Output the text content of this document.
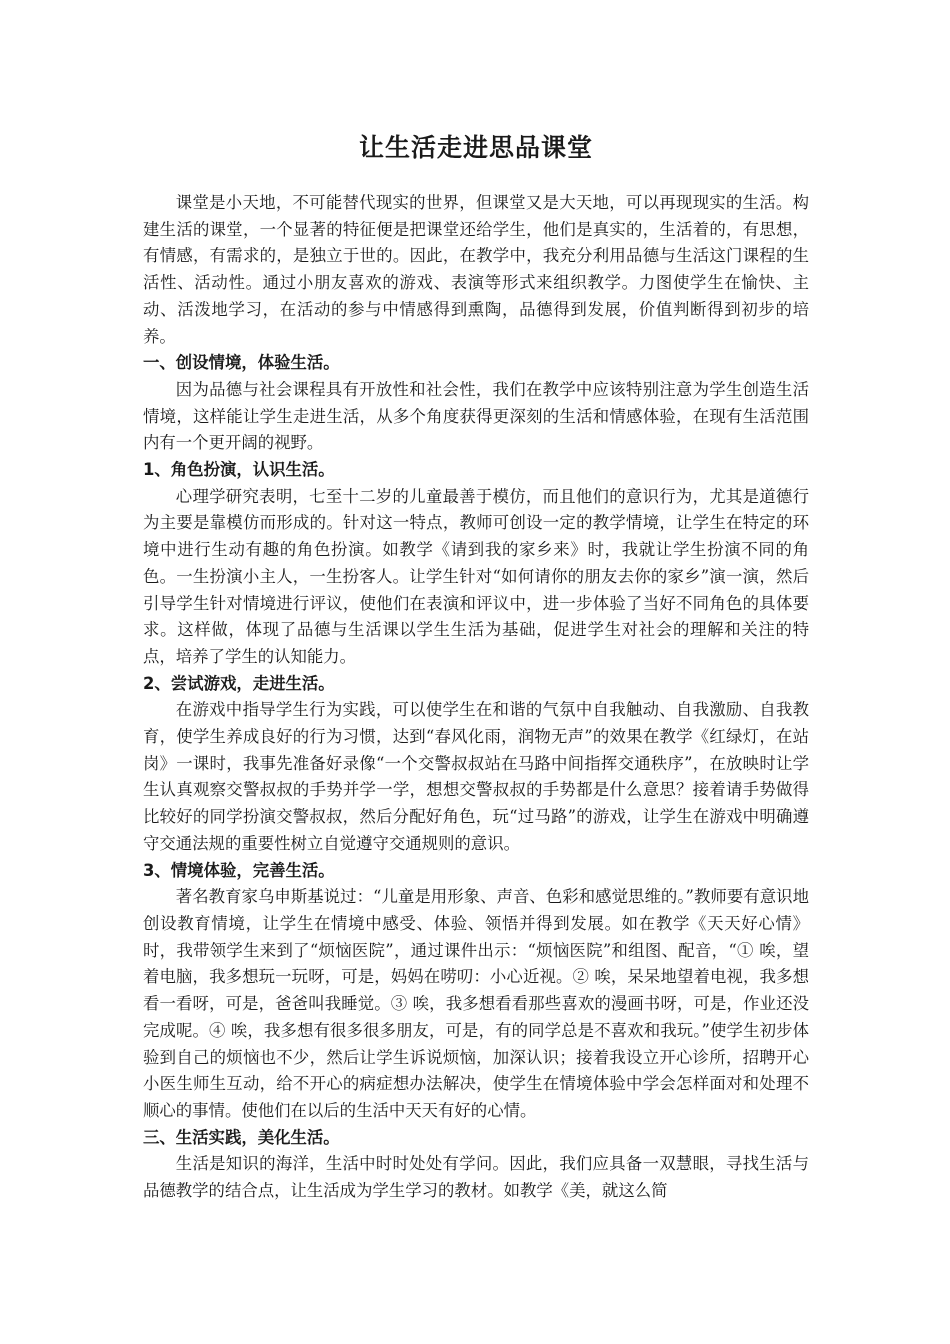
让生活走进思品课堂

课堂是小天地，不可能替代现实的世界，但课堂又是大天地，可以再现现实的生活。构建生活的课堂，一个显著的特征便是把课堂还给学生，他们是真实的，生活着的，有思想，有情感，有需求的，是独立于世的。因此，在教学中，我充分利用品德与生活这门课程的生活性、活动性。通过小朋友喜欢的游戏、表演等形式来组织教学。力图使学生在愉快、主动、活泼地学习，在活动的参与中情感得到熏陶，品德得到发展，价值判断得到初步的培养。

一、创设情境，体验生活。

因为品德与社会课程具有开放性和社会性，我们在教学中应该特别注意为学生创造生活情境，这样能让学生走进生活，从多个角度获得更深刻的生活和情感体验，在现有生活范围内有一个更开阔的视野。

1、角色扮演，认识生活。

心理学研究表明，七至十二岁的儿童最善于模仿，而且他们的意识行为，尤其是道德行为主要是靠模仿而形成的。针对这一特点，教师可创设一定的教学情境，让学生在特定的环境中进行生动有趣的角色扮演。如教学《请到我的家乡来》时，我就让学生扮演不同的角色。一生扮演小主人，一生扮客人。让学生针对“如何请你的朋友去你的家乡”演一演，然后引导学生针对情境进行评议，使他们在表演和评议中，进一步体验了当好不同角色的具体要求。这样做，体现了品德与生活课以学生生活为基础，促进学生对社会的理解和关注的特点，培养了学生的认知能力。

2、尝试游戏，走进生活。

在游戏中指导学生行为实践，可以使学生在和谐的气氛中自我触动、自我激励、自我教育，使学生养成良好的行为习惯，达到“春风化雨，润物无声”的效果在教学《红绿灯，在站岗》一课时，我事先准备好录像“一个交警叔叔站在马路中间指挥交通秩序”，在放映时让学生认真观察交警叔叔的手势并学一学，想想交警叔叔的手势都是什么意思？接着请手势做得比较好的同学扮演交警叔叔，然后分配好角色，玩“过马路”的游戏，让学生在游戏中明确遵守交通法规的重要性树立自觉遵守交通规则的意识。

3、情境体验，完善生活。

著名教育家乌申斯基说过：“儿童是用形象、声音、色彩和感觉思维的。”教师要有意识地创设教育情境，让学生在情境中感受、体验、领悟并得到发展。如在教学《天天好心情》时，我带领学生来到了“烦恼医院”，通过课件出示：“烦恼医院”和组图、配音，“① 唉，望着电脑，我多想玩一玩呀，可是，妈妈在唠叨：小心近视。② 唉，呆呆地望着电视，我多想看一看呀，可是，爸爸叫我睡觉。③ 唉，我多想看看那些喜欢的漫画书呀，可是，作业还没完成呢。④ 唉，我多想有很多很多朋友，可是，有的同学总是不喜欢和我玩。”使学生初步体验到自己的烦恼也不少，然后让学生诉说烦恼，加深认识；接着我设立开心诊所，招聘开心小医生师生互动，给不开心的病症想办法解决，使学生在情境体验中学会怎样面对和处理不顺心的事情。使他们在以后的生活中天天有好的心情。

三、生活实践，美化生活。

生活是知识的海洋，生活中时时处处有学问。因此，我们应具备一双慧眼，寻找生活与品德教学的结合点，让生活成为学生学习的教材。如教学《美，就这么简
